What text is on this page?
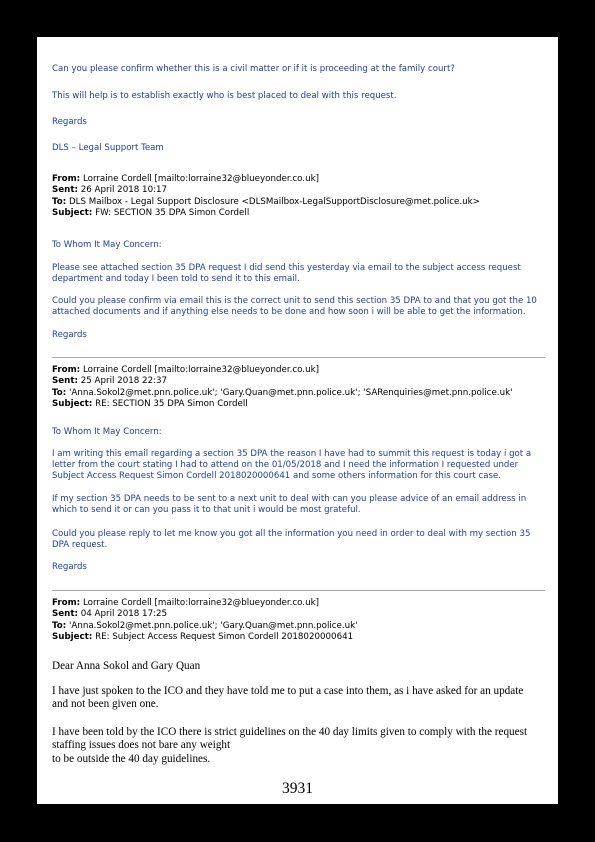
Can you please confirm whether this is a civil matter or if it is proceeding at the family court?

This will help is to establish exactly who is best placed to deal with this request.

Regards

DLS – Legal Support Team

From: Lorraine Cordell [mailto:lorraine32@blueyonder.co.uk]
Sent: 26 April 2018 10:17
To: DLS Mailbox - Legal Support Disclosure <DLSMailbox-LegalSupportDisclosure@met.police.uk>
Subject: FW: SECTION 35 DPA Simon Cordell

To Whom It May Concern:

Please see attached section 35 DPA request I did send this yesterday via email to the subject access request department and today I been told to send it to this email.

Could you please confirm via email this is the correct unit to send this section 35 DPA to and that you got the 10 attached documents and if anything else needs to be done and how soon i will be able to get the information.

Regards

From: Lorraine Cordell [mailto:lorraine32@blueyonder.co.uk]
Sent: 25 April 2018 22:37
To: 'Anna.Sokol2@met.pnn.police.uk'; 'Gary.Quan@met.pnn.police.uk'; 'SARenquiries@met.pnn.police.uk'
Subject: RE: SECTION 35 DPA Simon Cordell

To Whom It May Concern:

I am writing this email regarding a section 35 DPA the reason I have had to summit this request is today i got a letter from the court stating I had to attend on the 01/05/2018 and I need the information I requested under Subject Access Request Simon Cordell 2018020000641 and some others information for this court case.

If my section 35 DPA needs to be sent to a next unit to deal with can you please advice of an email address in which to send it or can you pass it to that unit i would be most grateful.

Could you please reply to let me know you got all the information you need in order to deal with my section 35 DPA request.

Regards

From: Lorraine Cordell [mailto:lorraine32@blueyonder.co.uk]
Sent: 04 April 2018 17:25
To: 'Anna.Sokol2@met.pnn.police.uk'; 'Gary.Quan@met.pnn.police.uk'
Subject: RE: Subject Access Request Simon Cordell 2018020000641

Dear Anna Sokol and Gary Quan

I have just spoken to the ICO and they have told me to put a case into them, as i have asked for an update and not been given one.

I have been told by the ICO there is strict guidelines on the 40 day limits given to comply with the request staffing issues does not bare any weight

to be outside the 40 day guidelines.

3931
